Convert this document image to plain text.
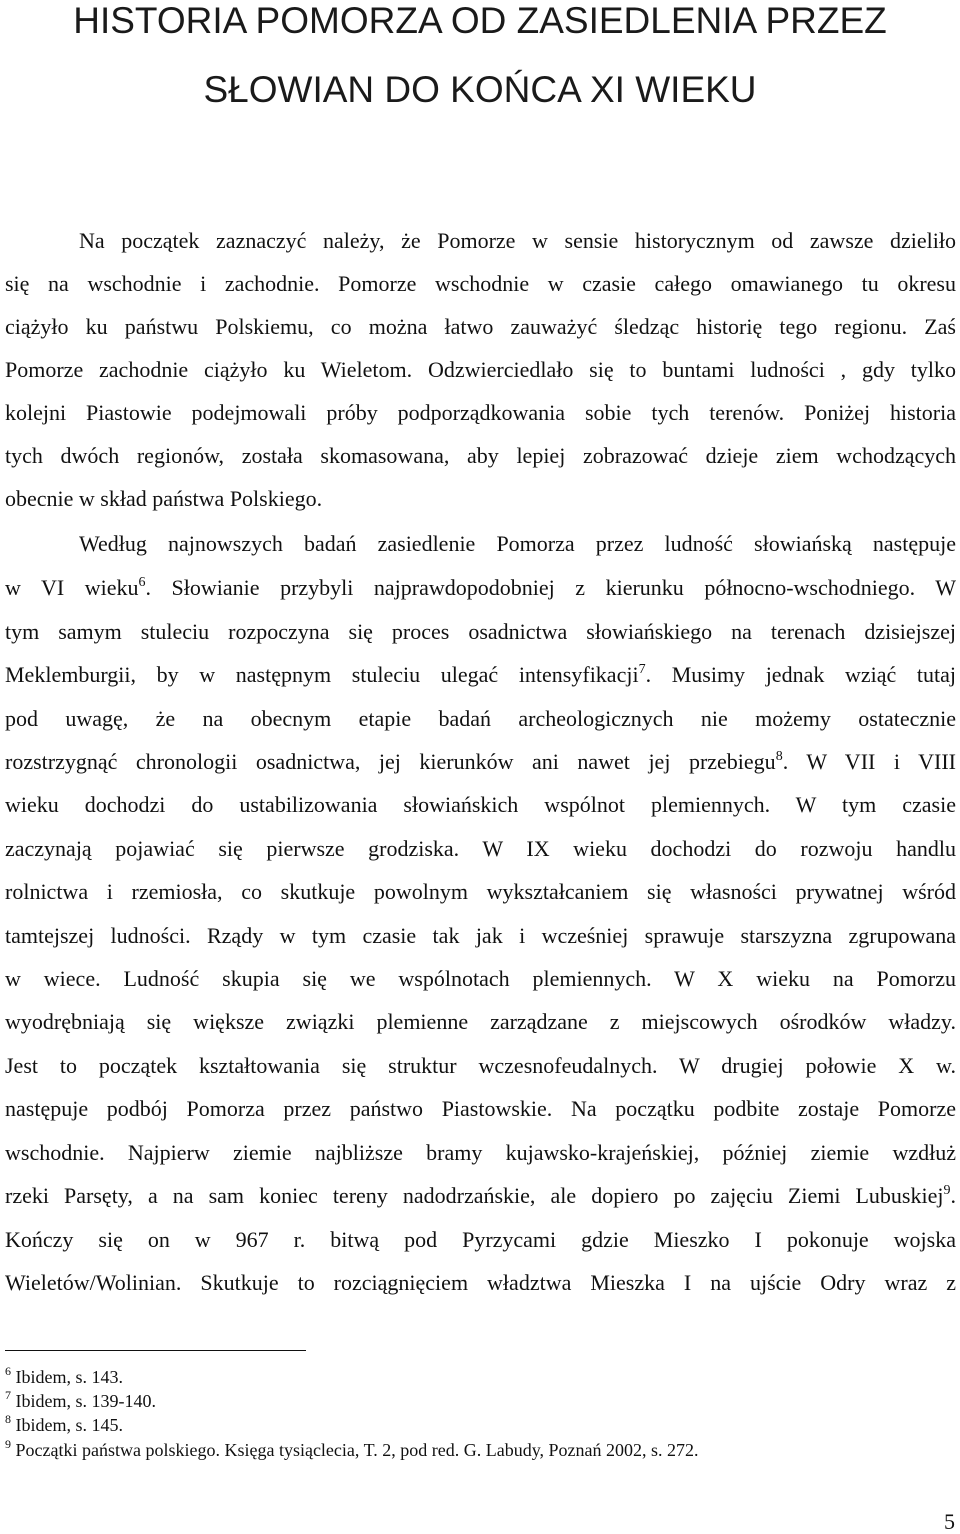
HISTORIA POMORZA OD ZASIEDLENIA PRZEZ
SŁOWIAN DO KOŃCA XI WIEKU
Na początek zaznaczyć należy, że Pomorze w sensie historycznym od zawsze dzieliło
się na wschodnie i zachodnie. Pomorze wschodnie w czasie całego omawianego tu okresu
ciążyło ku państwu Polskiemu, co można łatwo zauważyć śledząc historię tego regionu. Zaś
Pomorze zachodnie ciążyło ku Wieletom. Odzwierciedlało się to buntami ludności , gdy tylko
kolejni Piastowie podejmowali próby podporządkowania sobie tych terenów. Poniżej historia
tych dwóch regionów, została skomasowana, aby lepiej zobrazować dzieje ziem wchodzących
obecnie w skład państwa Polskiego.
Według najnowszych badań zasiedlenie Pomorza przez ludność słowiańską następuje
w VI wieku$^6$. Słowianie przybyli najprawdopodobniej z kierunku północno-wschodniego. W
tym samym stuleciu rozpoczyna się proces osadnictwa słowiańskiego na terenach dzisiejszej
Meklemburgii, by w następnym stuleciu ulegać intensyfikacji$^7$. Musimy jednak wziąć tutaj
pod uwagę, że na obecnym etapie badań archeologicznych nie możemy ostatecznie
rozstrzygnąć chronologii osadnictwa, jej kierunków ani nawet jej przebiegu$^8$. W VII i VIII
wieku dochodzi do ustabilizowania słowiańskich wspólnot plemiennych. W tym czasie
zaczynają pojawiać się pierwsze grodziska. W IX wieku dochodzi do rozwoju handlu
rolnictwa i rzemiosła, co skutkuje powolnym wykształcaniem się własności prywatnej wśród
tamtejszej ludności. Rządy w tym czasie tak jak i wcześniej sprawuje starszyzna zgrupowana
w wiece. Ludność skupia się we wspólnotach plemiennych. W X wieku na Pomorzu
wyodrębniają się większe związki plemienne zarządzane z miejscowych ośrodków władzy.
Jest to początek kształtowania się struktur wczesnofeudalnych. W drugiej połowie X w.
następuje podbój Pomorza przez państwo Piastowskie. Na początku podbite zostaje Pomorze
wschodnie. Najpierw ziemie najbliższe bramy kujawsko-krajeńskiej, później ziemie wzdłuż
rzeki Parsęty, a na sam koniec tereny nadodrzańskie, ale dopiero po zajęciu Ziemi Lubuskiej$^9$.
Kończy się on w 967 r. bitwą pod Pyrzycami gdzie Mieszko I pokonuje wojska
Wieletów/Wolinian. Skutkuje to rozciągnięciem władztwa Mieszka I na ujście Odry wraz z
$^6$ Ibidem, s. 143.
$^7$ Ibidem, s. 139-140.
$^8$ Ibidem, s. 145.
$^9$ Początki państwa polskiego. Księga tysiąclecia, T. 2, pod red. G. Labudy, Poznań 2002, s. 272.
5
